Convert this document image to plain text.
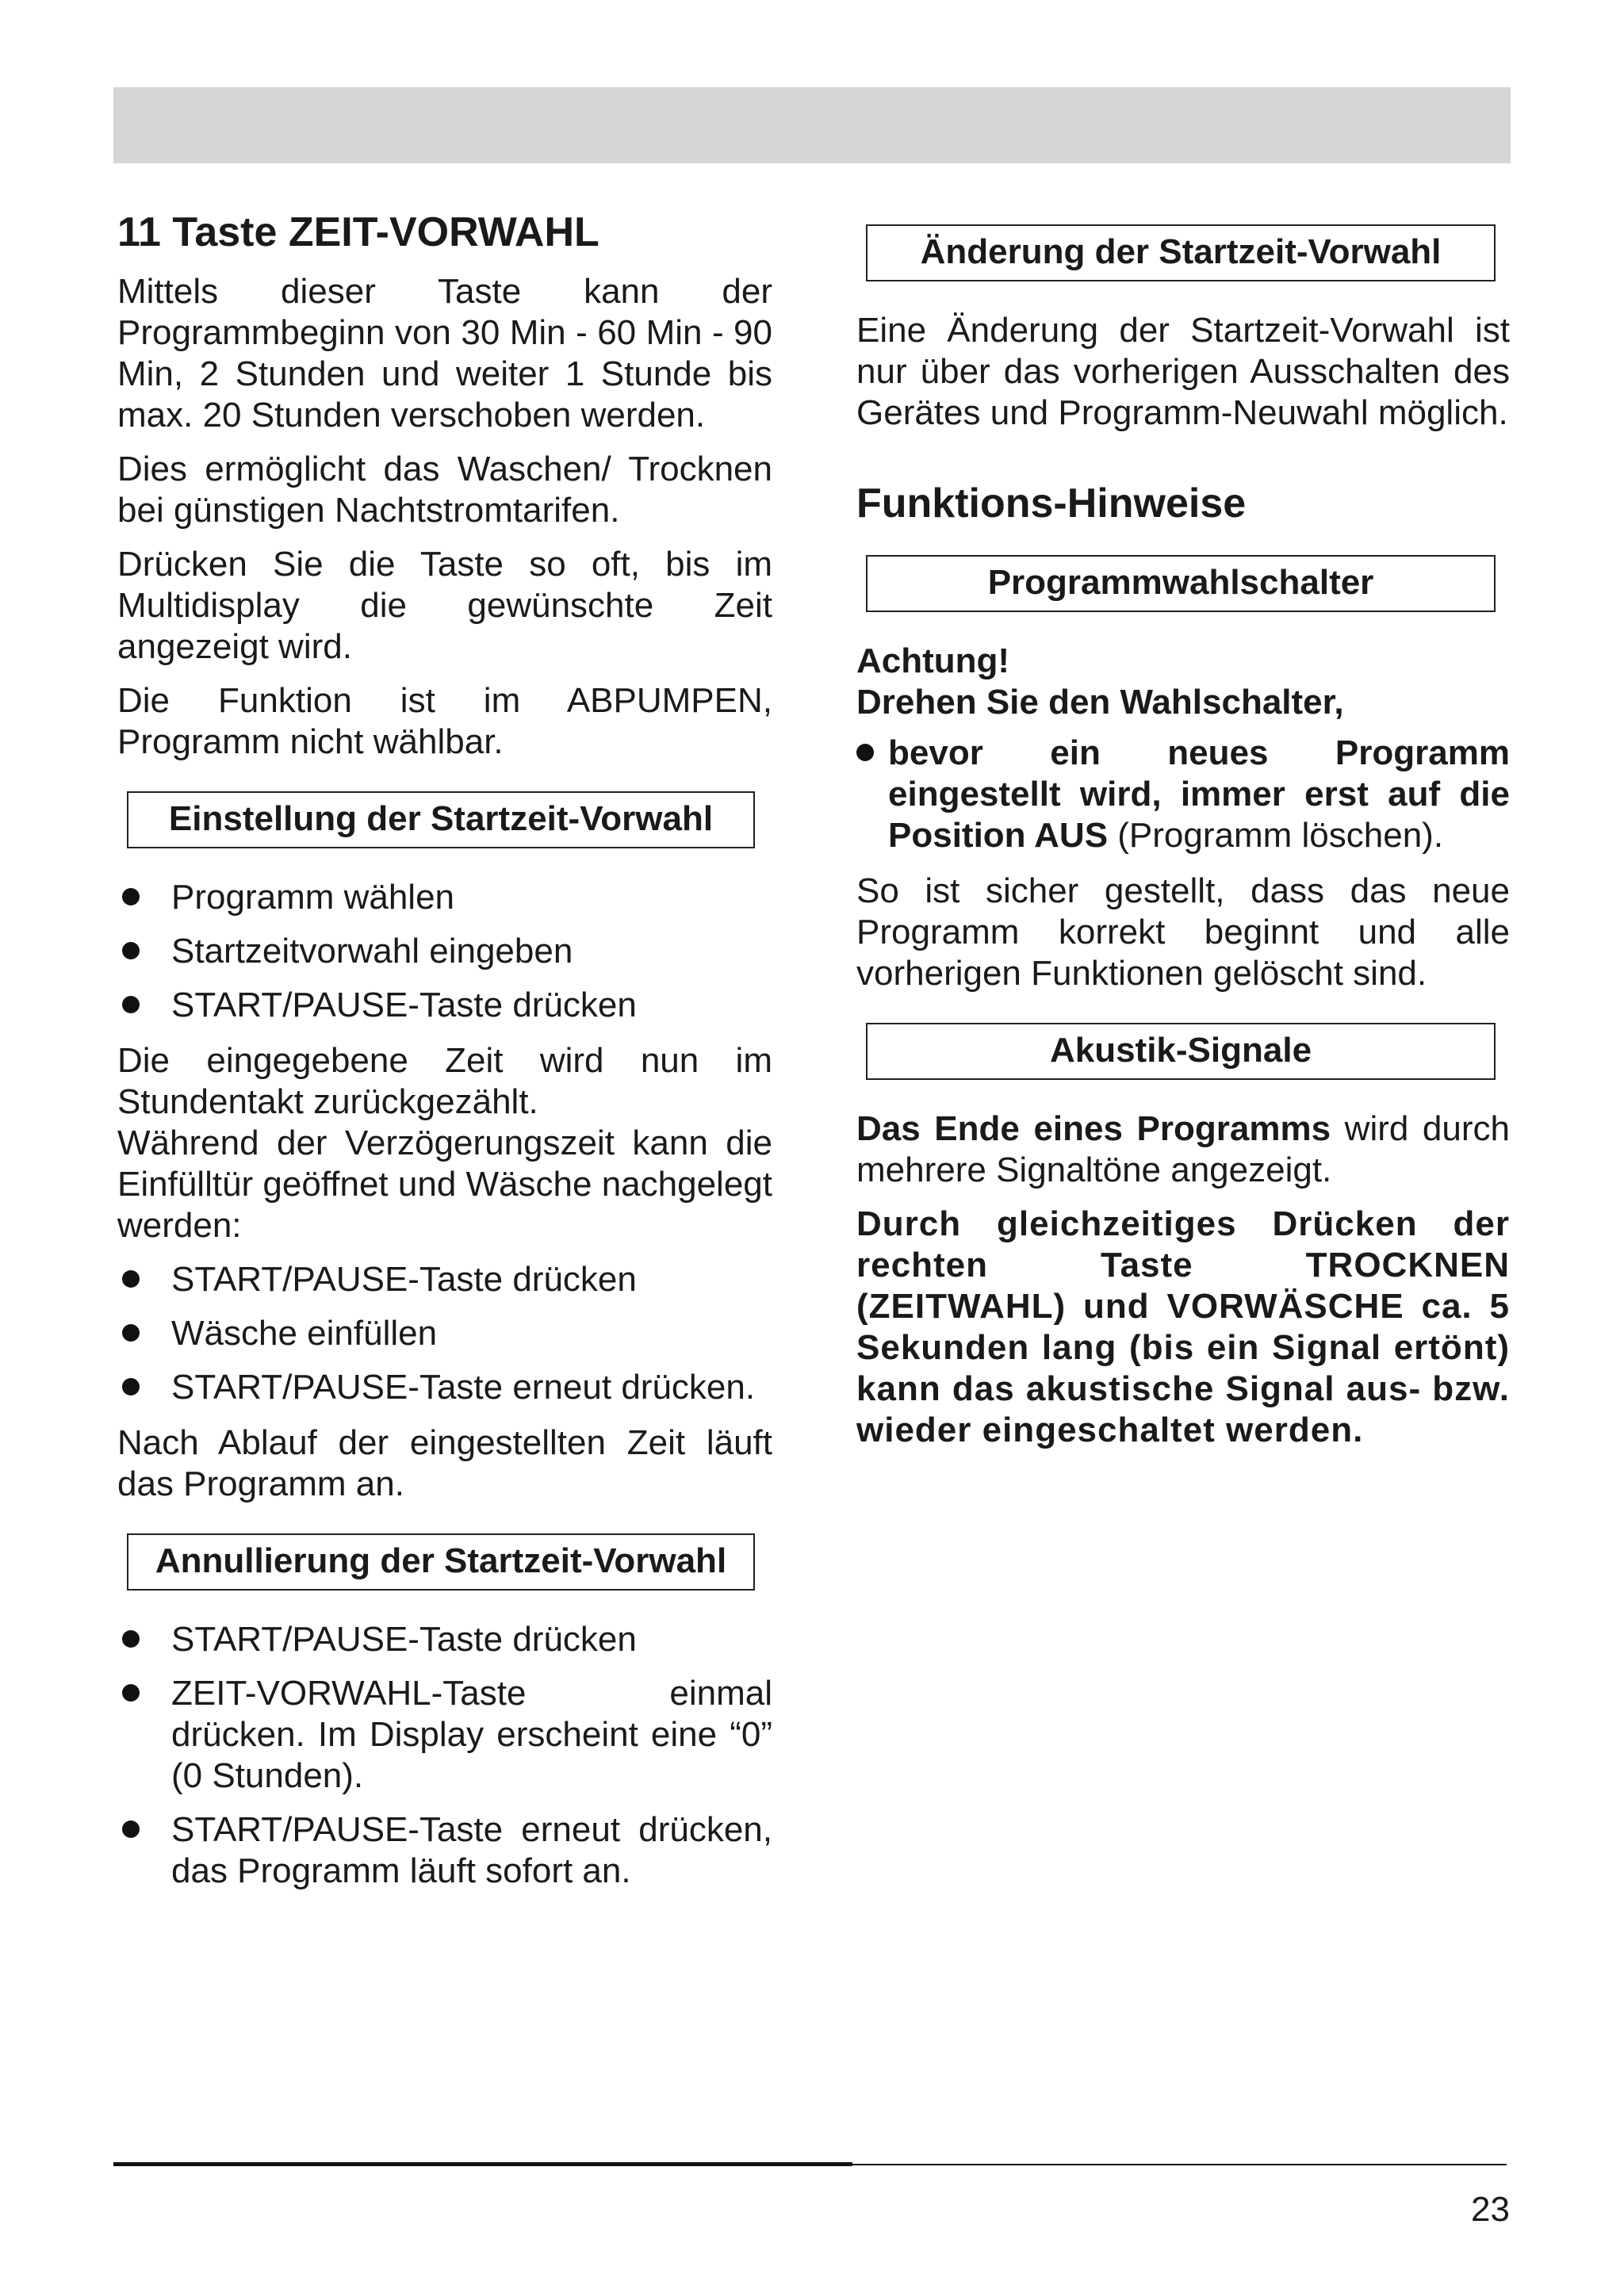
11 Taste ZEIT-VORWAHL

Mittels dieser Taste kann der Programmbeginn von 30 Min - 60 Min - 90 Min, 2 Stunden und weiter 1 Stunde bis max. 20 Stunden verschoben werden.

Dies ermöglicht das Waschen/ Trocknen bei günstigen Nachtstromtarifen.

Drücken Sie die Taste so oft, bis im Multidisplay die gewünschte Zeit angezeigt wird.

Die Funktion ist im ABPUMPEN, Programm nicht wählbar.

Einstellung der Startzeit-Vorwahl
Programm wählen
Startzeitvorwahl eingeben
START/PAUSE-Taste drücken

Die eingegebene Zeit wird nun im Stundentakt zurückgezählt.

Während der Verzögerungszeit kann die Einfülltür geöffnet und Wäsche nachgelegt werden:

START/PAUSE-Taste drücken
Wäsche einfüllen
START/PAUSE-Taste erneut drücken.

Nach Ablauf der eingestellten Zeit läuft das Programm an.

Annullierung der Startzeit-Vorwahl
START/PAUSE-Taste drücken
ZEIT-VORWAHL-Taste einmal drücken. Im Display erscheint eine “0” (0 Stunden).
START/PAUSE-Taste erneut drücken, das Programm läuft sofort an.
Änderung der Startzeit-Vorwahl

Eine Änderung der Startzeit-Vorwahl ist nur über das vorherigen Ausschalten des Gerätes und Programm-Neuwahl möglich.

Funktions-Hinweise
Programmwahlschalter

Achtung!

Drehen Sie den Wahlschalter,

bevor ein neues Programm eingestellt wird, immer erst auf die Position AUS (Programm löschen).

So ist sicher gestellt, dass das neue Programm korrekt beginnt und alle vorherigen Funktionen gelöscht sind.

Akustik-Signale

Das Ende eines Programms wird durch mehrere Signaltöne angezeigt.

Durch gleichzeitiges Drücken der rechten Taste TROCKNEN (ZEITWAHL) und VORWÄSCHE ca. 5 Sekunden lang (bis ein Signal ertönt) kann das akustische Signal aus- bzw. wieder eingeschaltet werden.

23
